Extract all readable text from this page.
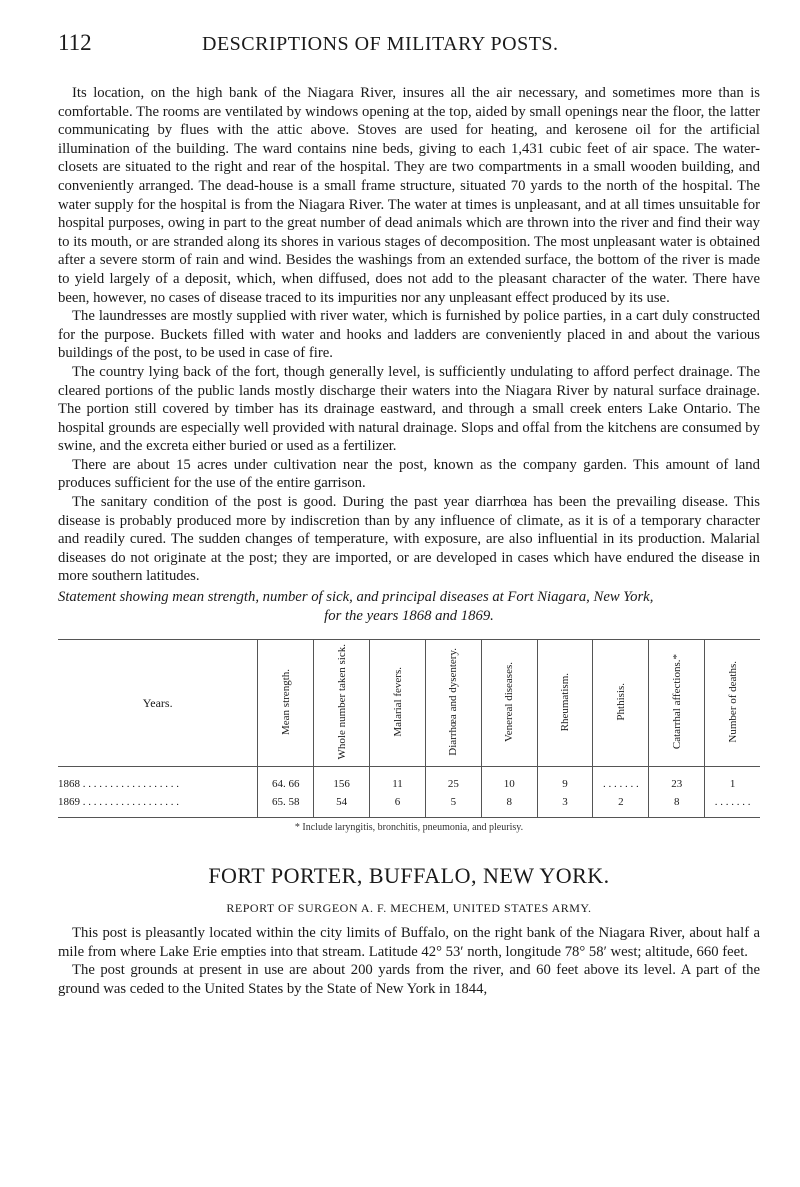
112	DESCRIPTIONS OF MILITARY POSTS.

Its location, on the high bank of the Niagara River, insures all the air necessary, and sometimes more than is comfortable. The rooms are ventilated by windows opening at the top, aided by small openings near the floor, the latter communicating by flues with the attic above. Stoves are used for heating, and kerosene oil for the artificial illumination of the building. The ward contains nine beds, giving to each 1,431 cubic feet of air space. The water-closets are situated to the right and rear of the hospital. They are two compartments in a small wooden building, and conveniently arranged. The dead-house is a small frame structure, situated 70 yards to the north of the hospital. The water supply for the hospital is from the Niagara River. The water at times is unpleasant, and at all times unsuitable for hospital purposes, owing in part to the great number of dead animals which are thrown into the river and find their way to its mouth, or are stranded along its shores in various stages of decomposition. The most unpleasant water is obtained after a severe storm of rain and wind. Besides the washings from an extended surface, the bottom of the river is made to yield largely of a deposit, which, when diffused, does not add to the pleasant character of the water. There have been, however, no cases of disease traced to its impurities nor any unpleasant effect produced by its use.

The laundresses are mostly supplied with river water, which is furnished by police parties, in a cart duly constructed for the purpose. Buckets filled with water and hooks and ladders are conveniently placed in and about the various buildings of the post, to be used in case of fire.

The country lying back of the fort, though generally level, is sufficiently undulating to afford perfect drainage. The cleared portions of the public lands mostly discharge their waters into the Niagara River by natural surface drainage. The portion still covered by timber has its drainage eastward, and through a small creek enters Lake Ontario. The hospital grounds are especially well provided with natural drainage. Slops and offal from the kitchens are consumed by swine, and the excreta either buried or used as a fertilizer.

There are about 15 acres under cultivation near the post, known as the company garden. This amount of land produces sufficient for the use of the entire garrison.

The sanitary condition of the post is good. During the past year diarrhœa has been the prevailing disease. This disease is probably produced more by indiscretion than by any influence of climate, as it is of a temporary character and readily cured. The sudden changes of temperature, with exposure, are also influential in its production. Malarial diseases do not originate at the post; they are imported, or are developed in cases which have endured the disease in more southern latitudes.

Statement showing mean strength, number of sick, and principal diseases at Fort Niagara, New York,
for the years 1868 and 1869.
Years.	Mean strength.	Whole number taken sick.	Malarial fevers.	Diarrhœa and dysentery.	Venereal diseases.	Rheumatism.	Phthisis.	Catarrhal affections.*	Number of deaths.
1868 . . . . . . . . . . . . . . . . . .	64. 66	156	11	25	10	9	. . . . . . .	23	1
1869 . . . . . . . . . . . . . . . . . .	65. 58	54	6	5	8	3	2	8	. . . . . . .
* Include laryngitis, bronchitis, pneumonia, and pleurisy.
FORT PORTER, BUFFALO, NEW YORK.
REPORT OF SURGEON A. F. MECHEM, UNITED STATES ARMY.

This post is pleasantly located within the city limits of Buffalo, on the right bank of the Niagara River, about half a mile from where Lake Erie empties into that stream. Latitude 42° 53′ north, longitude 78° 58′ west; altitude, 660 feet.

The post grounds at present in use are about 200 yards from the river, and 60 feet above its level. A part of the ground was ceded to the United States by the State of New York in 1844,
